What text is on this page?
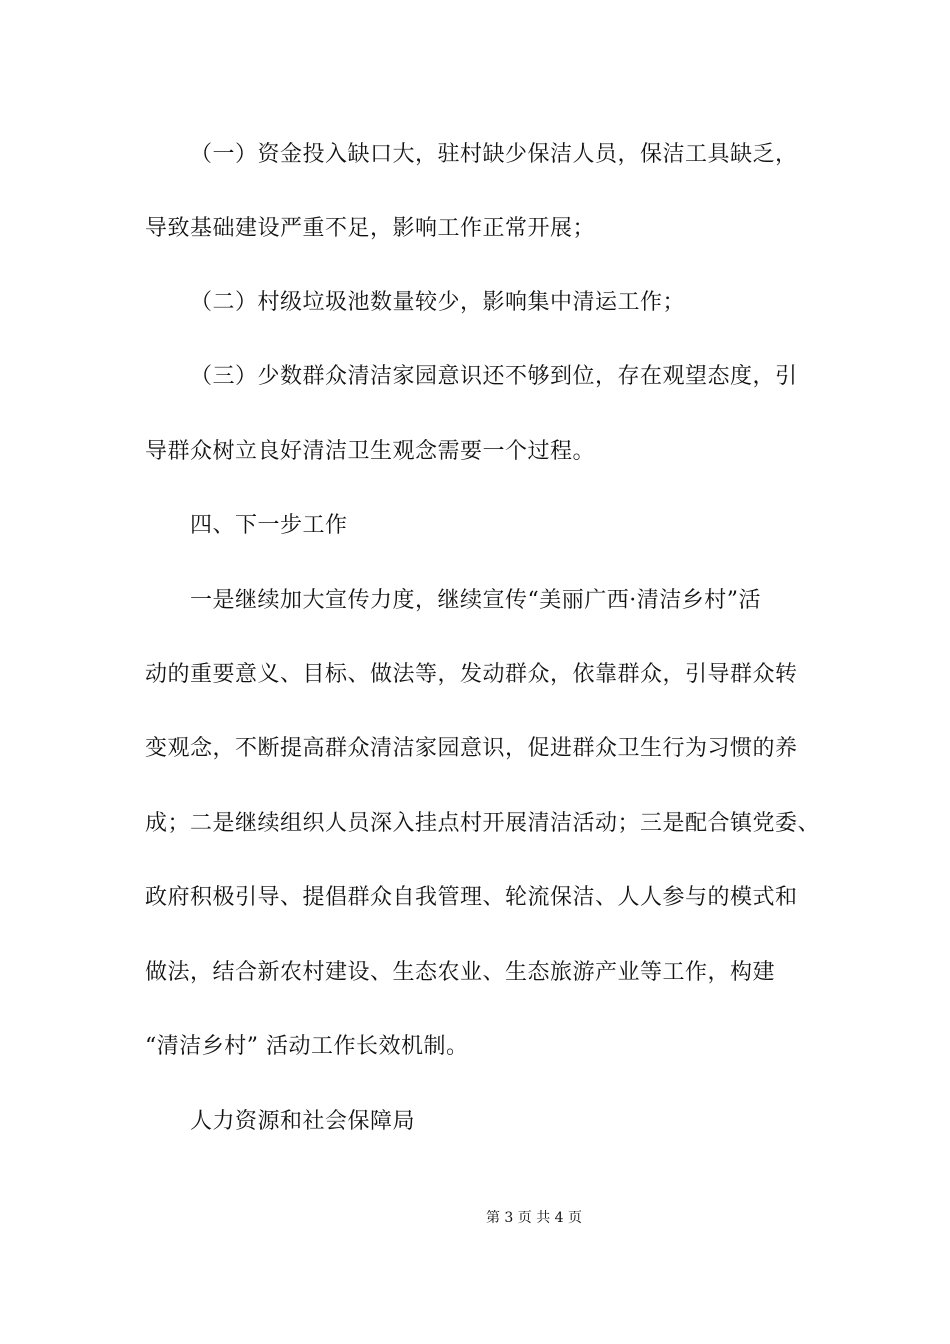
（一）资金投入缺口大，驻村缺少保洁人员，保洁工具缺乏，
导致基础建设严重不足，影响工作正常开展；
（二）村级垃圾池数量较少，影响集中清运工作；
（三）少数群众清洁家园意识还不够到位，存在观望态度，引
导群众树立良好清洁卫生观念需要一个过程。
四、下一步工作
一是继续加大宣传力度，继续宣传“美丽广西·清洁乡村”活
动的重要意义、目标、做法等，发动群众，依靠群众，引导群众转
变观念，不断提高群众清洁家园意识，促进群众卫生行为习惯的养
成；二是继续组织人员深入挂点村开展清洁活动；三是配合镇党委、
政府积极引导、提倡群众自我管理、轮流保洁、人人参与的模式和
做法，结合新农村建设、生态农业、生态旅游产业等工作，构建
“清洁乡村” 活动工作长效机制。
人力资源和社会保障局
第 3 页 共 4 页
